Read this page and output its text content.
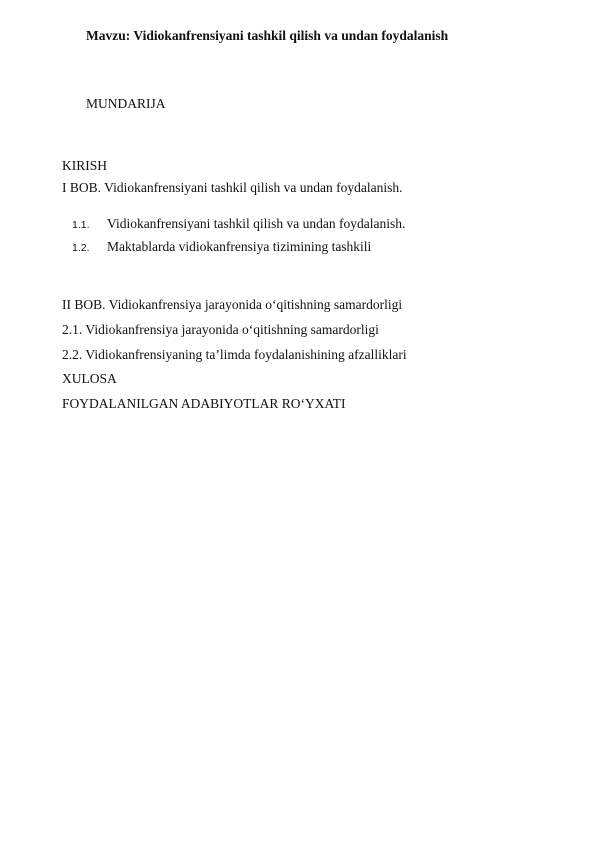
Mavzu: Vidiokanfrensiyani tashkil qilish va undan foydalanish
MUNDARIJA
KIRISH
I BOB. Vidiokanfrensiyani tashkil qilish va undan foydalanish.
1.1. Vidiokanfrensiyani tashkil qilish va undan foydalanish.
1.2. Maktablarda vidiokanfrensiya tizimining tashkili
II BOB. Vidiokanfrensiya jarayonida o‘qitishning samardorligi
2.1. Vidiokanfrensiya jarayonida o‘qitishning samardorligi
2.2. Vidiokanfrensiyaning ta’limda foydalanishining afzalliklari
XULOSA
FOYDALANILGAN ADABIYOTLAR RO‘YXATI
